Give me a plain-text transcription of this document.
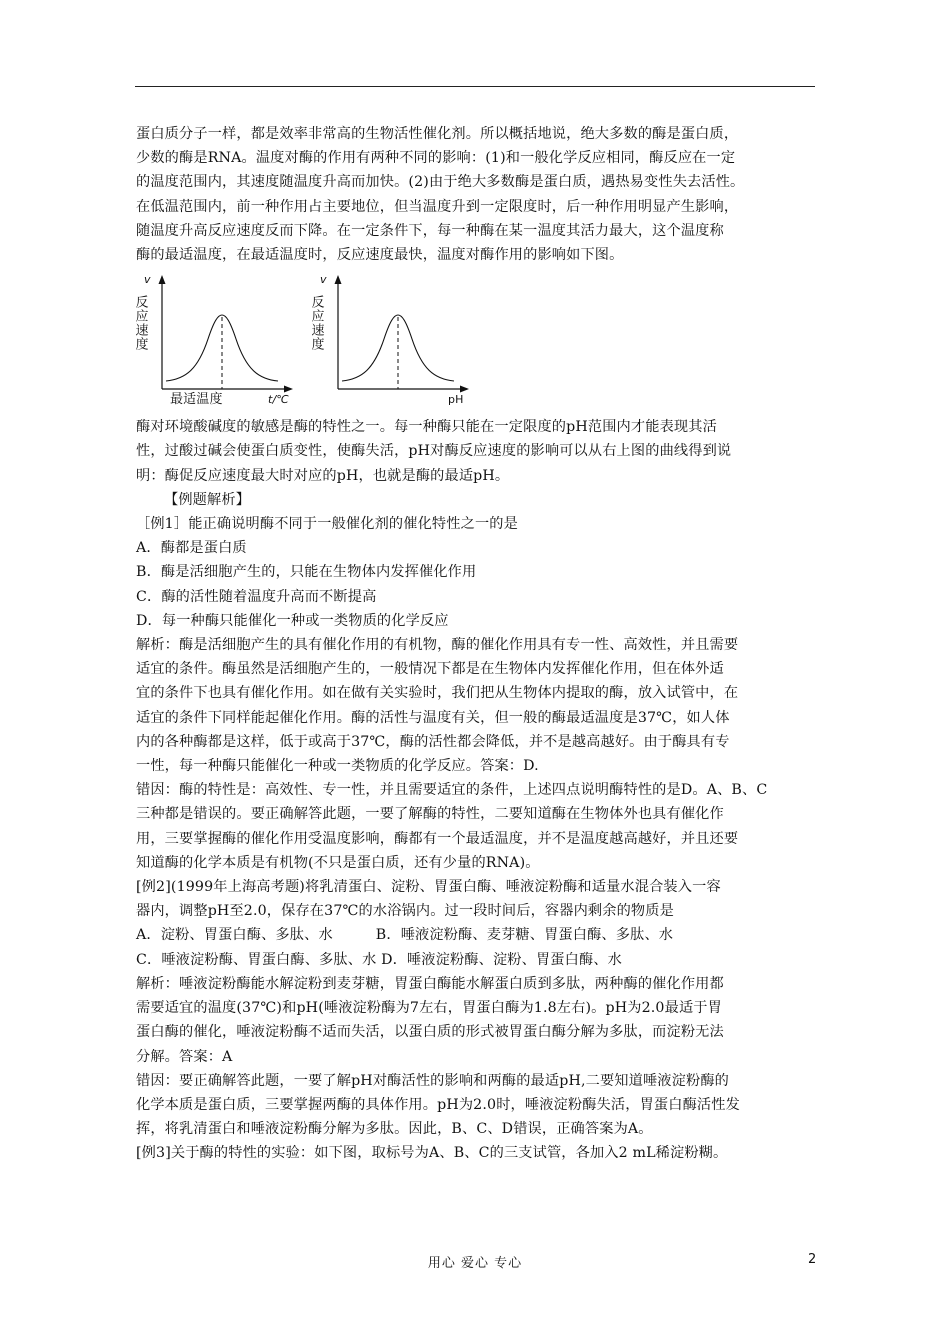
蛋白质分子一样，都是效率非常高的生物活性催化剂。所以概括地说，绝大多数的酶是蛋白质，

少数的酶是RNA。温度对酶的作用有两种不同的影响：(1)和一般化学反应相同，酶反应在一定

的温度范围内，其速度随温度升高而加快。(2)由于绝大多数酶是蛋白质，遇热易变性失去活性。

在低温范围内，前一种作用占主要地位，但当温度升到一定限度时，后一种作用明显产生影响，

随温度升高反应速度反而下降。在一定条件下，每一种酶在某一温度其活力最大，这个温度称

酶的最适温度，在最适温度时，反应速度最快，温度对酶作用的影响如下图。

v
反应速度
最适温度	t/℃
v
反应速度
pH

酶对环境酸碱度的敏感是酶的特性之一。每一种酶只能在一定限度的pH范围内才能表现其活

性，过酸过碱会使蛋白质变性，使酶失活，pH对酶反应速度的影响可以从右上图的曲线得到说

明：酶促反应速度最大时对应的pH，也就是酶的最适pH。

【例题解析】

［例1］能正确说明酶不同于一般催化剂的催化特性之一的是

A．酶都是蛋白质

B．酶是活细胞产生的，只能在生物体内发挥催化作用

C．酶的活性随着温度升高而不断提高

D．每一种酶只能催化一种或一类物质的化学反应

解析：酶是活细胞产生的具有催化作用的有机物，酶的催化作用具有专一性、高效性，并且需要

适宜的条件。酶虽然是活细胞产生的，一般情况下都是在生物体内发挥催化作用，但在体外适

宜的条件下也具有催化作用。如在做有关实验时，我们把从生物体内提取的酶，放入试管中，在

适宜的条件下同样能起催化作用。酶的活性与温度有关，但一般的酶最适温度是37℃，如人体

内的各种酶都是这样，低于或高于37℃，酶的活性都会降低，并不是越高越好。由于酶具有专

一性，每一种酶只能催化一种或一类物质的化学反应。答案：D.

错因：酶的特性是：高效性、专一性，并且需要适宜的条件，上述四点说明酶特性的是D。A、B、C

三种都是错误的。要正确解答此题，一要了解酶的特性，二要知道酶在生物体外也具有催化作

用，三要掌握酶的催化作用受温度影响，酶都有一个最适温度，并不是温度越高越好，并且还要

知道酶的化学本质是有机物(不只是蛋白质，还有少量的RNA)。

[例2](1999年上海高考题)将乳清蛋白、淀粉、胃蛋白酶、唾液淀粉酶和适量水混合装入一容

器内，调整pH至2.0，保存在37℃的水浴锅内。过一段时间后，容器内剩余的物质是

A．淀粉、胃蛋白酶、多肽、水　　　B．唾液淀粉酶、麦芽糖、胃蛋白酶、多肽、水

C．唾液淀粉酶、胃蛋白酶、多肽、水 D．唾液淀粉酶、淀粉、胃蛋白酶、水

解析：唾液淀粉酶能水解淀粉到麦芽糖，胃蛋白酶能水解蛋白质到多肽，两种酶的催化作用都

需要适宜的温度(37℃)和pH(唾液淀粉酶为7左右，胃蛋白酶为1.8左右)。pH为2.0最适于胃

蛋白酶的催化，唾液淀粉酶不适而失活，以蛋白质的形式被胃蛋白酶分解为多肽，而淀粉无法

分解。答案：A

错因：要正确解答此题，一要了解pH对酶活性的影响和两酶的最适pH,二要知道唾液淀粉酶的

化学本质是蛋白质，三要掌握两酶的具体作用。pH为2.0时，唾液淀粉酶失活，胃蛋白酶活性发

挥，将乳清蛋白和唾液淀粉酶分解为多肽。因此，B、C、D错误，正确答案为A。

[例3]关于酶的特性的实验：如下图，取标号为A、B、C的三支试管，各加入2 mL稀淀粉糊。

用心 爱心 专心	2
